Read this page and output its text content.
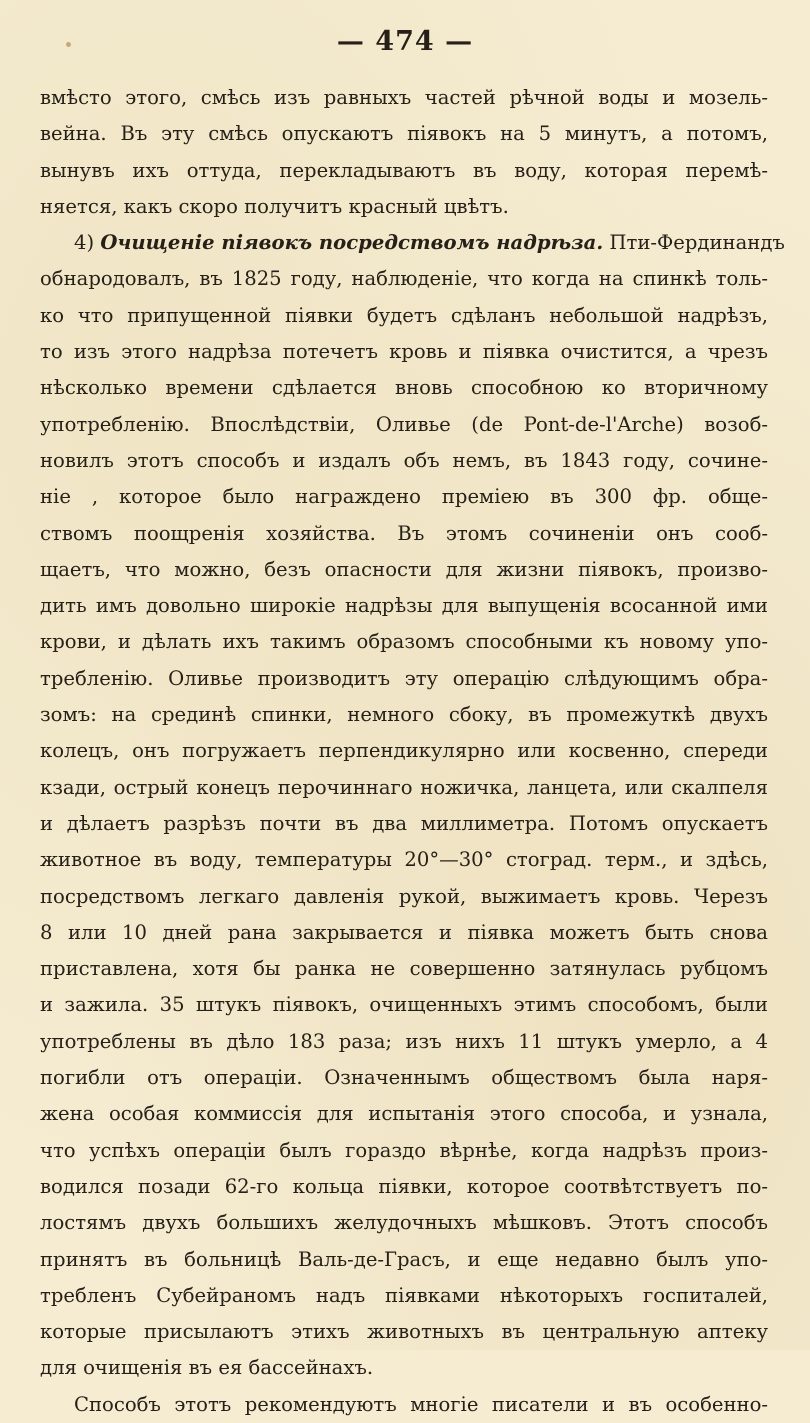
— 474 —
вмѣсто этого, смѣсь изъ равныхъ частей рѣчной воды и мозель-
вейна. Въ эту смѣсь опускаютъ піявокъ на 5 минутъ, а потомъ,
вынувъ ихъ оттуда, перекладываютъ въ воду, которая перемѣ-
няется, какъ скоро получитъ красный цвѣтъ.
4) Очищеніе піявокъ посредствомъ надрѣза. Пти-Фердинандъ
обнародовалъ, въ 1825 году, наблюденіе, что когда на спинкѣ толь-
ко что припущенной піявки будетъ сдѣланъ небольшой надрѣзъ,
то изъ этого надрѣза потечетъ кровь и піявка очистится, а чрезъ
нѣсколько времени сдѣлается вновь способною ко вторичному
употребленію. Впослѣдствіи, Оливье (de Pont-de-l'Arche) возоб-
новилъ этотъ способъ и издалъ объ немъ, въ 1843 году, сочине-
ніе , которое было награждено преміею въ 300 фр. обще-
ствомъ поощренія хозяйства. Въ этомъ сочиненіи онъ сооб-
щаетъ, что можно, безъ опасности для жизни піявокъ, произво-
дить имъ довольно широкіе надрѣзы для выпущенія всосанной ими
крови, и дѣлать ихъ такимъ образомъ способными къ новому упо-
требленію. Оливье производитъ эту операцію слѣдующимъ обра-
зомъ: на срединѣ спинки, немного сбоку, въ промежуткѣ двухъ
колецъ, онъ погружаетъ перпендикулярно или косвенно, спереди
кзади, острый конецъ перочиннаго ножичка, ланцета, или скалпеля
и дѣлаетъ разрѣзъ почти въ два миллиметра. Потомъ опускаетъ
животное въ воду, температуры 20°—30° стоград. терм., и здѣсь,
посредствомъ легкаго давленія рукой, выжимаетъ кровь. Черезъ
8 или 10 дней рана закрывается и піявка можетъ быть снова
приставлена, хотя бы ранка не совершенно затянулась рубцомъ
и зажила. 35 штукъ піявокъ, очищенныхъ этимъ способомъ, были
употреблены въ дѣло 183 раза; изъ нихъ 11 штукъ умерло, а 4
погибли отъ операціи. Означеннымъ обществомъ была наря-
жена особая коммиссія для испытанія этого способа, и узнала,
что успѣхъ операціи былъ гораздо вѣрнѣе, когда надрѣзъ произ-
водился позади 62-го кольца піявки, которое соотвѣтствуетъ по-
лостямъ двухъ большихъ желудочныхъ мѣшковъ. Этотъ способъ
принятъ въ больницѣ Валь-де-Грасъ, и еще недавно былъ упо-
требленъ Субейраномъ надъ піявками нѣкоторыхъ госпиталей,
которые присылаютъ этихъ животныхъ въ центральную аптеку
для очищенія въ ея бассейнахъ.
Способъ этотъ рекомендуютъ многіе писатели и въ особенно-
